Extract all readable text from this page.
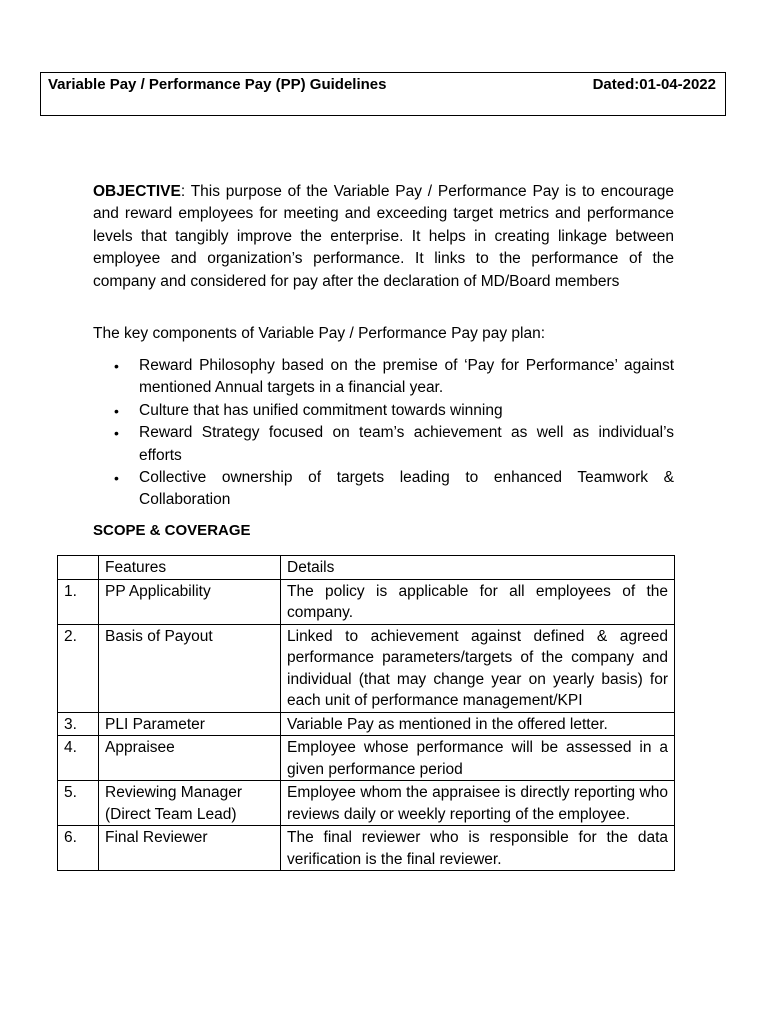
Variable Pay / Performance Pay (PP) Guidelines	Dated:01-04-2022

OBJECTIVE: This purpose of the Variable Pay / Performance Pay is to encourage and reward employees for meeting and exceeding target metrics and performance levels that tangibly improve the enterprise. It helps in creating linkage between employee and organization’s performance. It links to the performance of the company and considered for pay after the declaration of MD/Board members

The key components of Variable Pay / Performance Pay pay plan:

• Reward Philosophy based on the premise of ‘Pay for Performance’ against mentioned Annual targets in a financial year.
• Culture that has unified commitment towards winning
• Reward Strategy focused on team’s achievement as well as individual’s efforts
• Collective ownership of targets leading to enhanced Teamwork & Collaboration

SCOPE & COVERAGE

	Features	Details
1.	PP Applicability	The policy is applicable for all employees of the company.
2.	Basis of Payout	Linked to achievement against defined & agreed performance parameters/targets of the company and individual (that may change year on yearly basis) for each unit of performance management/KPI
3.	PLI Parameter	Variable Pay as mentioned in the offered letter.
4.	Appraisee	Employee whose performance will be assessed in a given performance period
5.	Reviewing Manager (Direct Team Lead)	Employee whom the appraisee is directly reporting who reviews daily or weekly reporting of the employee.
6.	Final Reviewer	The final reviewer who is responsible for the data verification is the final reviewer.
